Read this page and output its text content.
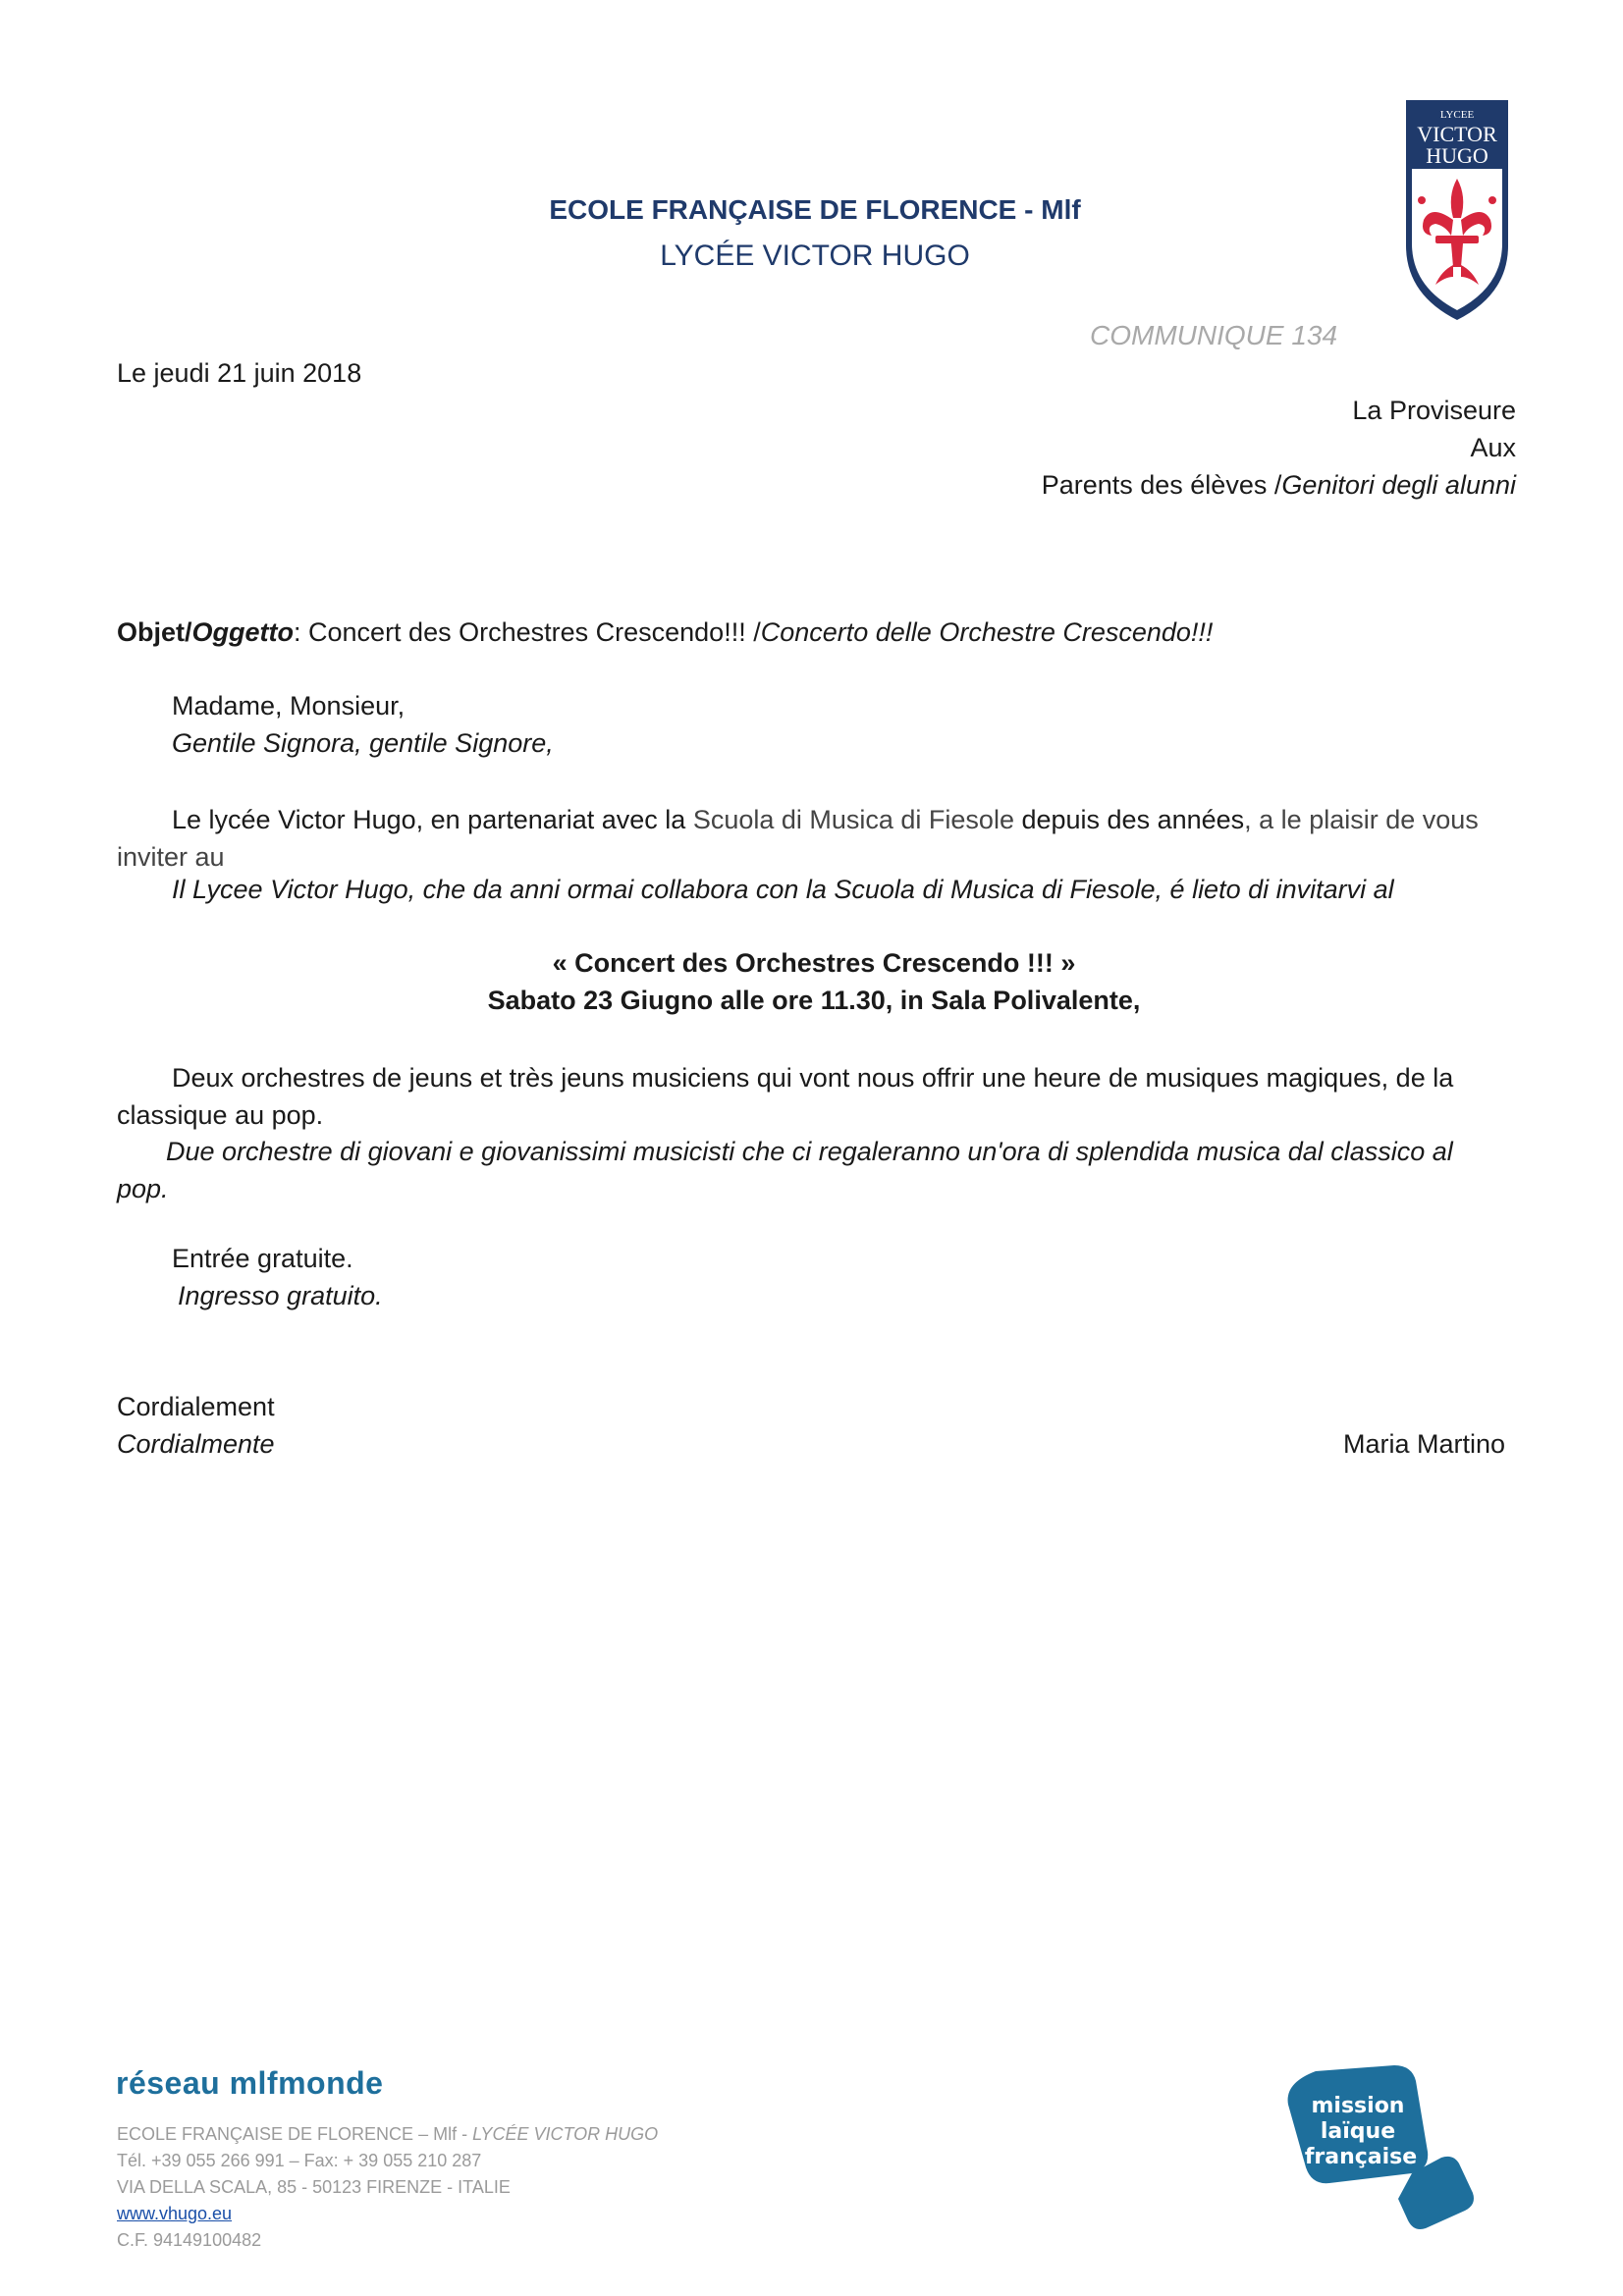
ECOLE FRANÇAISE DE FLORENCE - Mlf
LYCÉE VICTOR HUGO
LYCEE
VICTOR
HUGO
COMMUNIQUE 134
Le jeudi 21 juin 2018
La Proviseure
Aux
Parents des élèves /Genitori degli alunni
Objet/Oggetto: Concert des Orchestres Crescendo!!! /Concerto delle Orchestre Crescendo!!!
Madame, Monsieur,
Gentile Signora, gentile Signore,
Le lycée Victor Hugo, en partenariat avec la Scuola di Musica di Fiesole depuis des années, a le plaisir de vous inviter au
Il Lycee Victor Hugo, che da anni ormai collabora con la Scuola di Musica di Fiesole, é lieto di invitarvi al
« Concert des Orchestres Crescendo !!! »
Sabato 23 Giugno alle ore 11.30, in Sala Polivalente,
Deux orchestres de jeuns et très jeuns musiciens qui vont nous offrir une heure de musiques magiques, de la classique au pop.
Due orchestre di giovani e giovanissimi musicisti che ci regaleranno un'ora di splendida musica dal classico al pop.
Entrée gratuite.
Ingresso gratuito.
Cordialement
Cordialmente	Maria Martino
réseau mlfmonde
ECOLE FRANÇAISE DE FLORENCE – Mlf - LYCÉE VICTOR HUGO
Tél. +39 055 266 991 – Fax: + 39 055 210 287
VIA DELLA SCALA, 85 - 50123 FIRENZE - ITALIE
www.vhugo.eu
C.F. 94149100482
mission
laïque
française
